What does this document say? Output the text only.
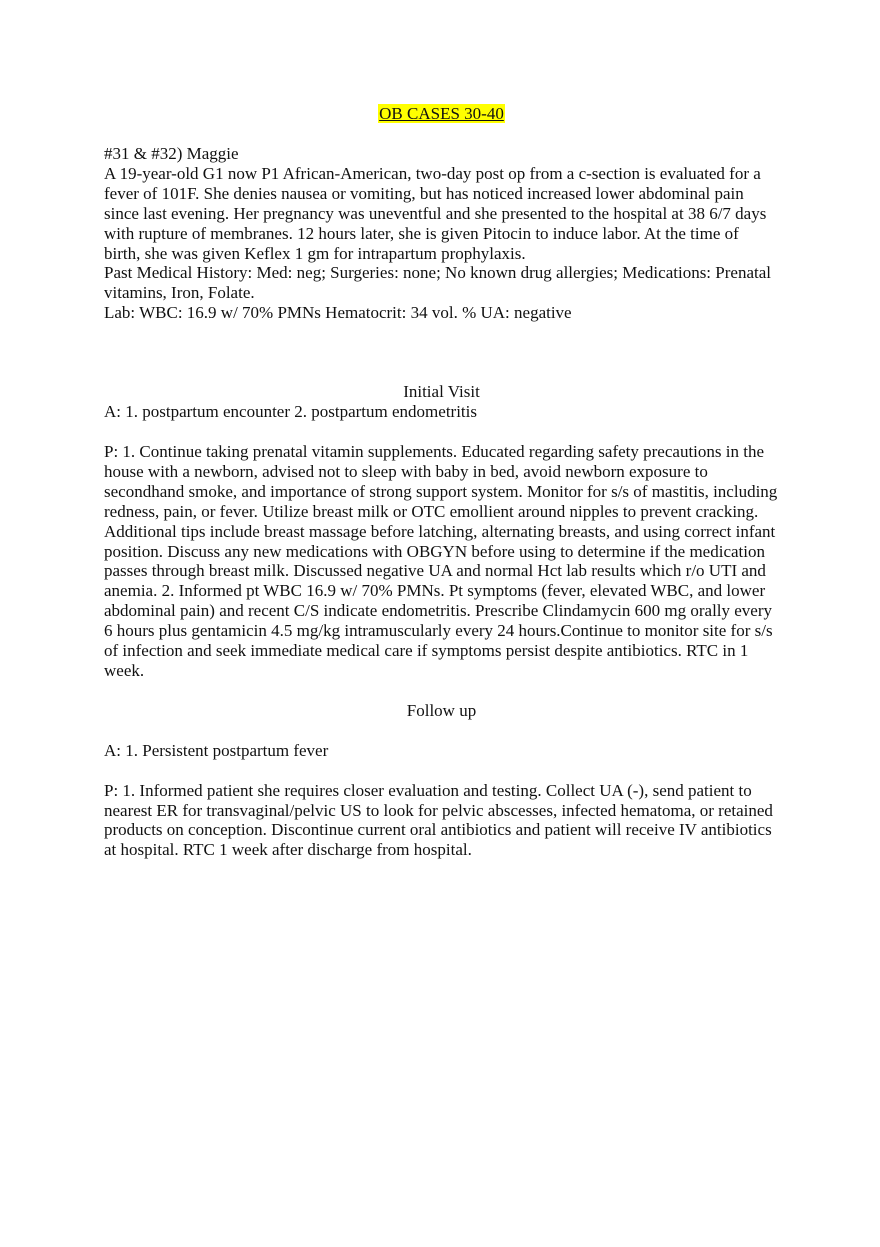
OB CASES 30-40

#31 & #32) Maggie

A 19-year-old G1 now P1 African-American, two-day post op from a c-section is evaluated for a fever of 101F. She denies nausea or vomiting, but has noticed increased lower abdominal pain since last evening. Her pregnancy was uneventful and she presented to the hospital at 38 6/7 days with rupture of membranes. 12 hours later, she is given Pitocin to induce labor. At the time of birth, she was given Keflex 1 gm for intrapartum prophylaxis.

Past Medical History: Med: neg; Surgeries: none; No known drug allergies; Medications: Prenatal vitamins, Iron, Folate.

Lab: WBC: 16.9 w/ 70% PMNs Hematocrit: 34 vol. % UA: negative

Initial Visit

A: 1. postpartum encounter 2. postpartum endometritis

P: 1. Continue taking prenatal vitamin supplements. Educated regarding safety precautions in the house with a newborn, advised not to sleep with baby in bed, avoid newborn exposure to secondhand smoke, and importance of strong support system. Monitor for s/s of mastitis, including redness, pain, or fever. Utilize breast milk or OTC emollient around nipples to prevent cracking. Additional tips include breast massage before latching, alternating breasts, and using correct infant position. Discuss any new medications with OBGYN before using to determine if the medication passes through breast milk. Discussed negative UA and normal Hct lab results which r/o UTI and anemia. 2. Informed pt WBC 16.9 w/ 70% PMNs. Pt symptoms (fever, elevated WBC, and lower abdominal pain) and recent C/S indicate endometritis. Prescribe Clindamycin 600 mg orally every 6 hours plus gentamicin 4.5 mg/kg intramuscularly every 24 hours.Continue to monitor site for s/s of infection and seek immediate medical care if symptoms persist despite antibiotics. RTC in 1 week.

Follow up

A: 1. Persistent postpartum fever

P: 1. Informed patient she requires closer evaluation and testing. Collect UA (-), send patient to nearest ER for transvaginal/pelvic US to look for pelvic abscesses, infected hematoma, or retained products on conception. Discontinue current oral antibiotics and patient will receive IV antibiotics at hospital. RTC 1 week after discharge from hospital.
